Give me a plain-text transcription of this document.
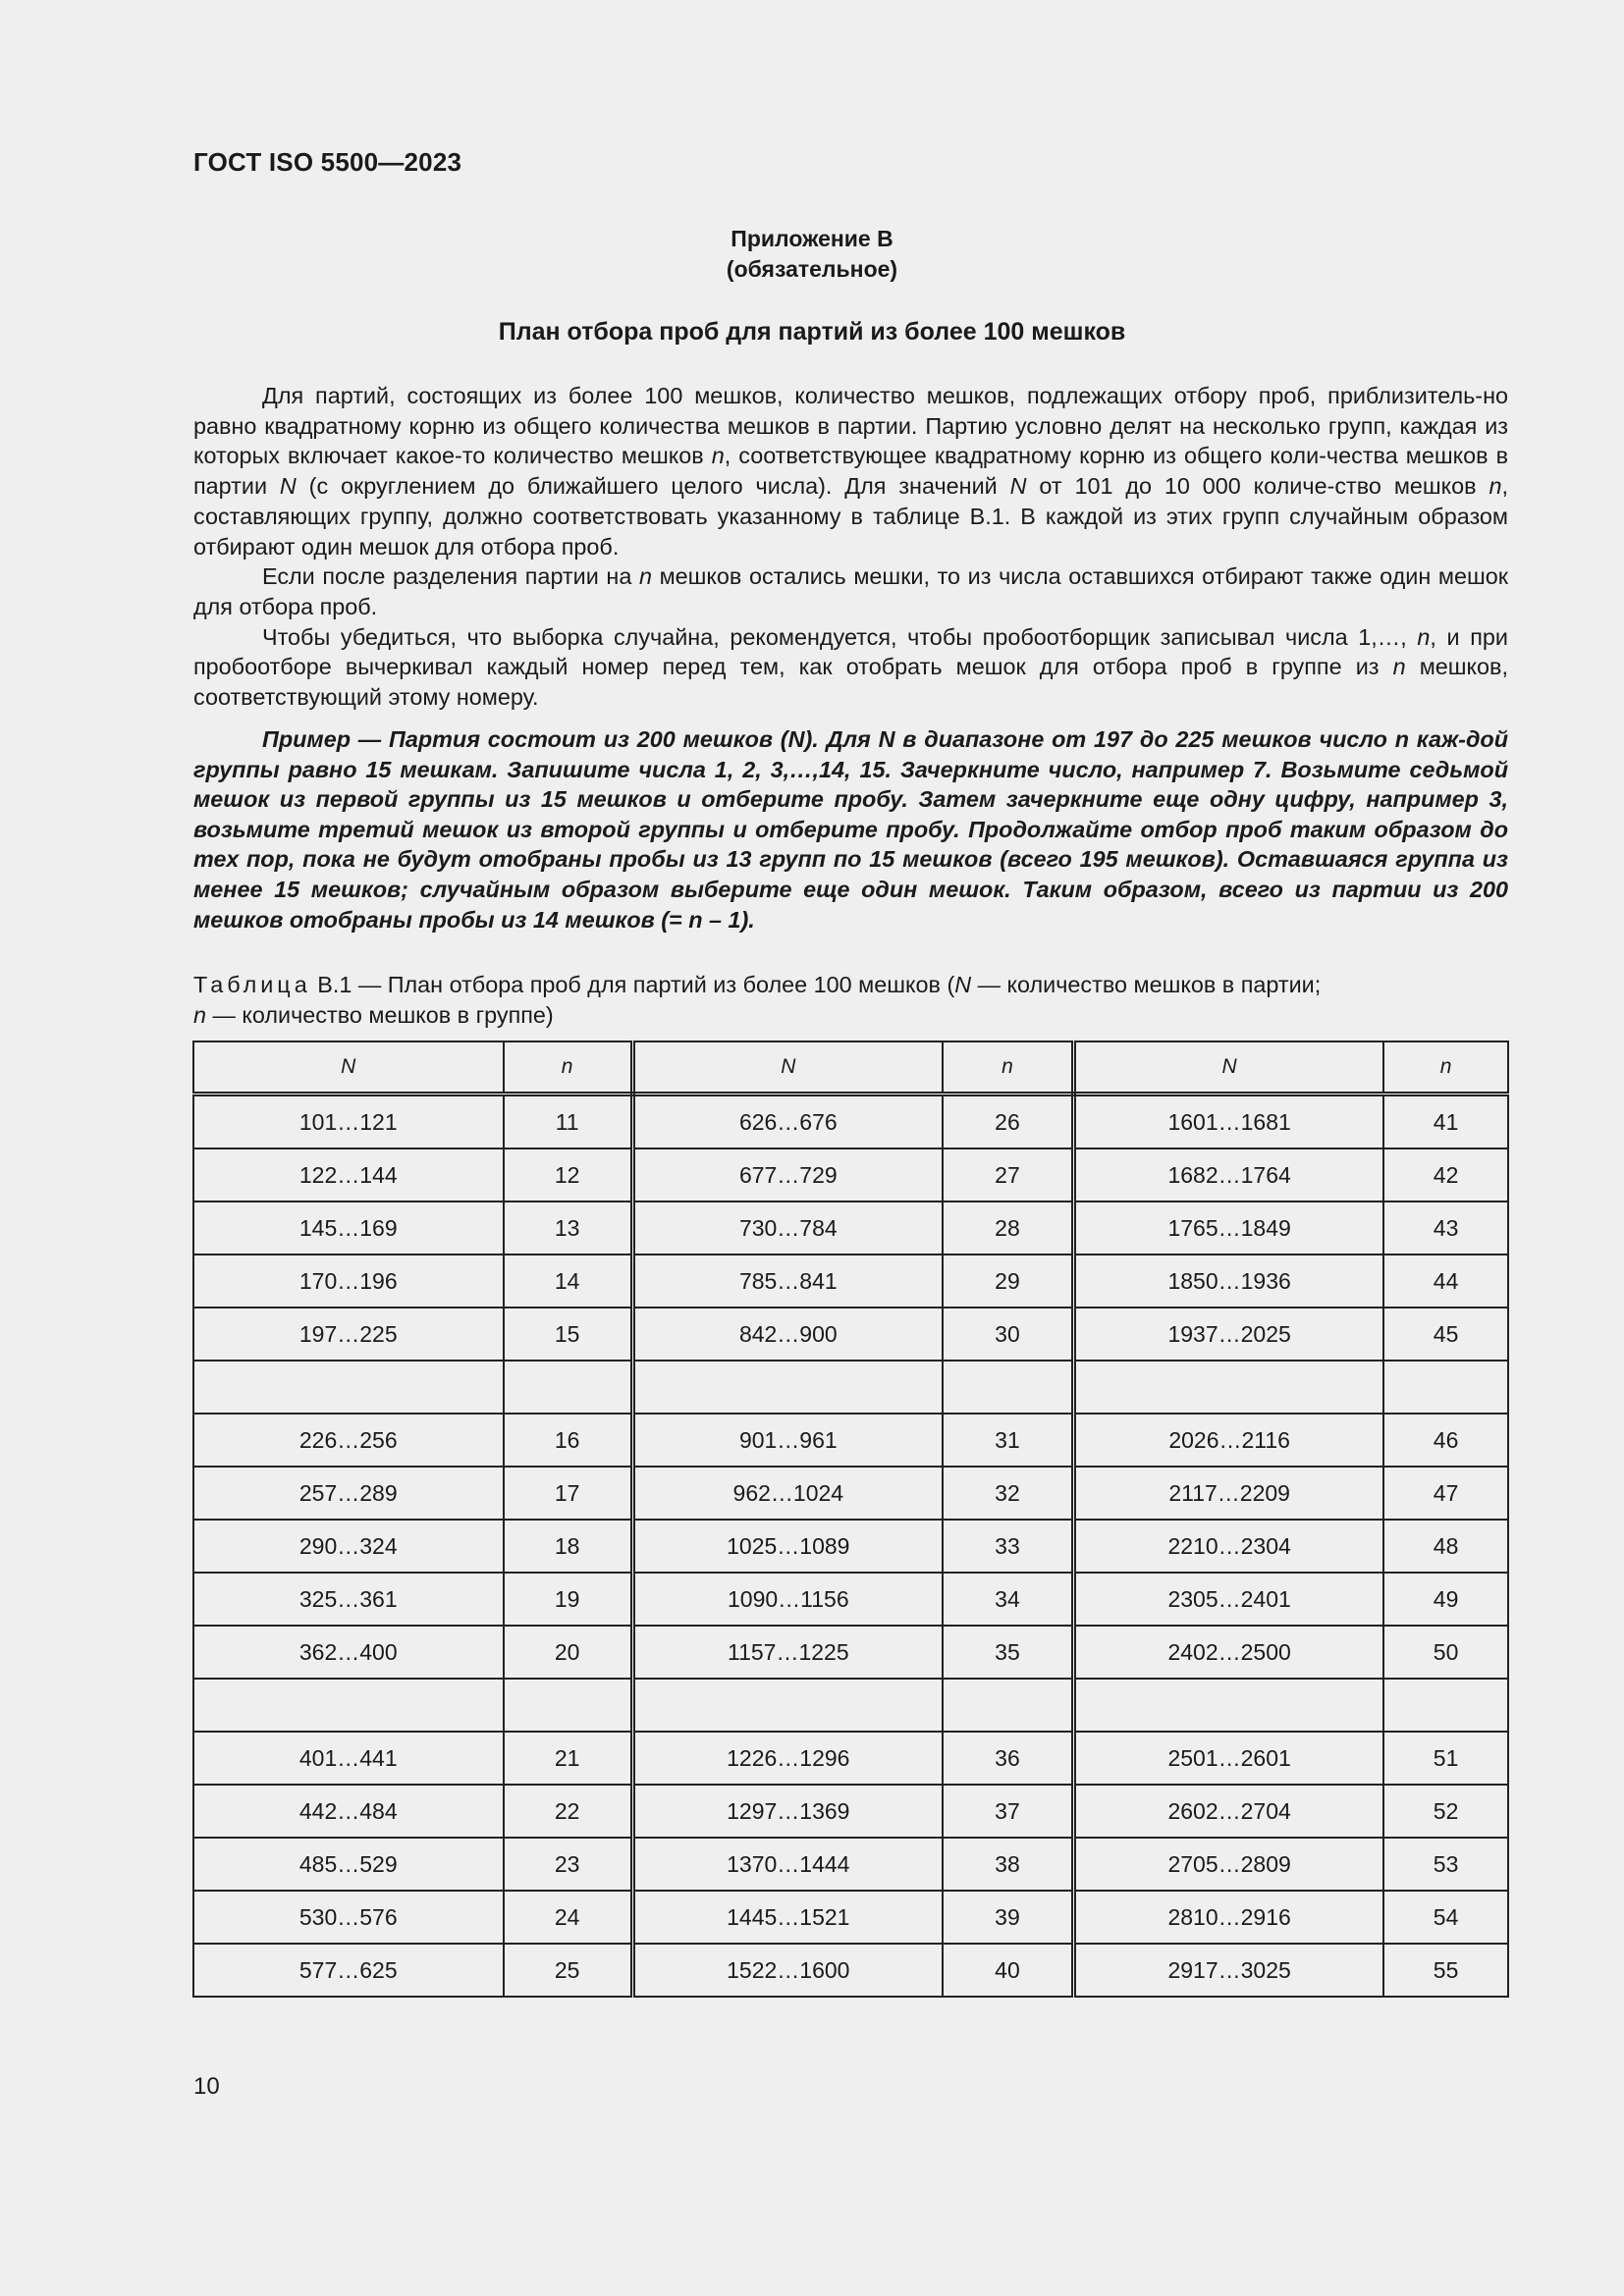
ГОСТ ISO 5500—2023
Приложение В
(обязательное)
План отбора проб для партий из более 100 мешков

Для партий, состоящих из более 100 мешков, количество мешков, подлежащих отбору проб, приблизитель-но равно квадратному корню из общего количества мешков в партии. Партию условно делят на несколько групп, каждая из которых включает какое-то количество мешков n, соответствующее квадратному корню из общего коли-чества мешков в партии N (с округлением до ближайшего целого числа). Для значений N от 101 до 10 000 количе-ство мешков n, составляющих группу, должно соответствовать указанному в таблице В.1. В каждой из этих групп случайным образом отбирают один мешок для отбора проб.

Если после разделения партии на n мешков остались мешки, то из числа оставшихся отбирают также один мешок для отбора проб.

Чтобы убедиться, что выборка случайна, рекомендуется, чтобы пробоотборщик записывал числа 1,…, n, и при пробоотборе вычеркивал каждый номер перед тем, как отобрать мешок для отбора проб в группе из n мешков, соответствующий этому номеру.

Пример — Партия состоит из 200 мешков (N). Для N в диапазоне от 197 до 225 мешков число n каж-дой группы равно 15 мешкам. Запишите числа 1, 2, 3,…,14, 15. Зачеркните число, например 7. Возьмите седьмой мешок из первой группы из 15 мешков и отберите пробу. Затем зачеркните еще одну цифру, например 3, возьмите третий мешок из второй группы и отберите пробу. Продолжайте отбор проб таким образом до тех пор, пока не будут отобраны пробы из 13 групп по 15 мешков (всего 195 мешков). Оставшаяся группа из менее 15 мешков; случайным образом выберите еще один мешок. Таким образом, всего из партии из 200 мешков отобраны пробы из 14 мешков (= n – 1).
Таблица В.1 — План отбора проб для партий из более 100 мешков (N — количество мешков в партии;
n — количество мешков в группе)
N	n	N	n	N	n
101…121	11	626…676	26	1601…1681	41
122…144	12	677…729	27	1682…1764	42
145…169	13	730…784	28	1765…1849	43
170…196	14	785…841	29	1850…1936	44
197…225	15	842…900	30	1937…2025	45

226…256	16	901…961	31	2026…2116	46
257…289	17	962…1024	32	2117…2209	47
290…324	18	1025…1089	33	2210…2304	48
325…361	19	1090…1156	34	2305…2401	49
362…400	20	1157…1225	35	2402…2500	50

401…441	21	1226…1296	36	2501…2601	51
442…484	22	1297…1369	37	2602…2704	52
485…529	23	1370…1444	38	2705…2809	53
530…576	24	1445…1521	39	2810…2916	54
577…625	25	1522…1600	40	2917…3025	55
10
